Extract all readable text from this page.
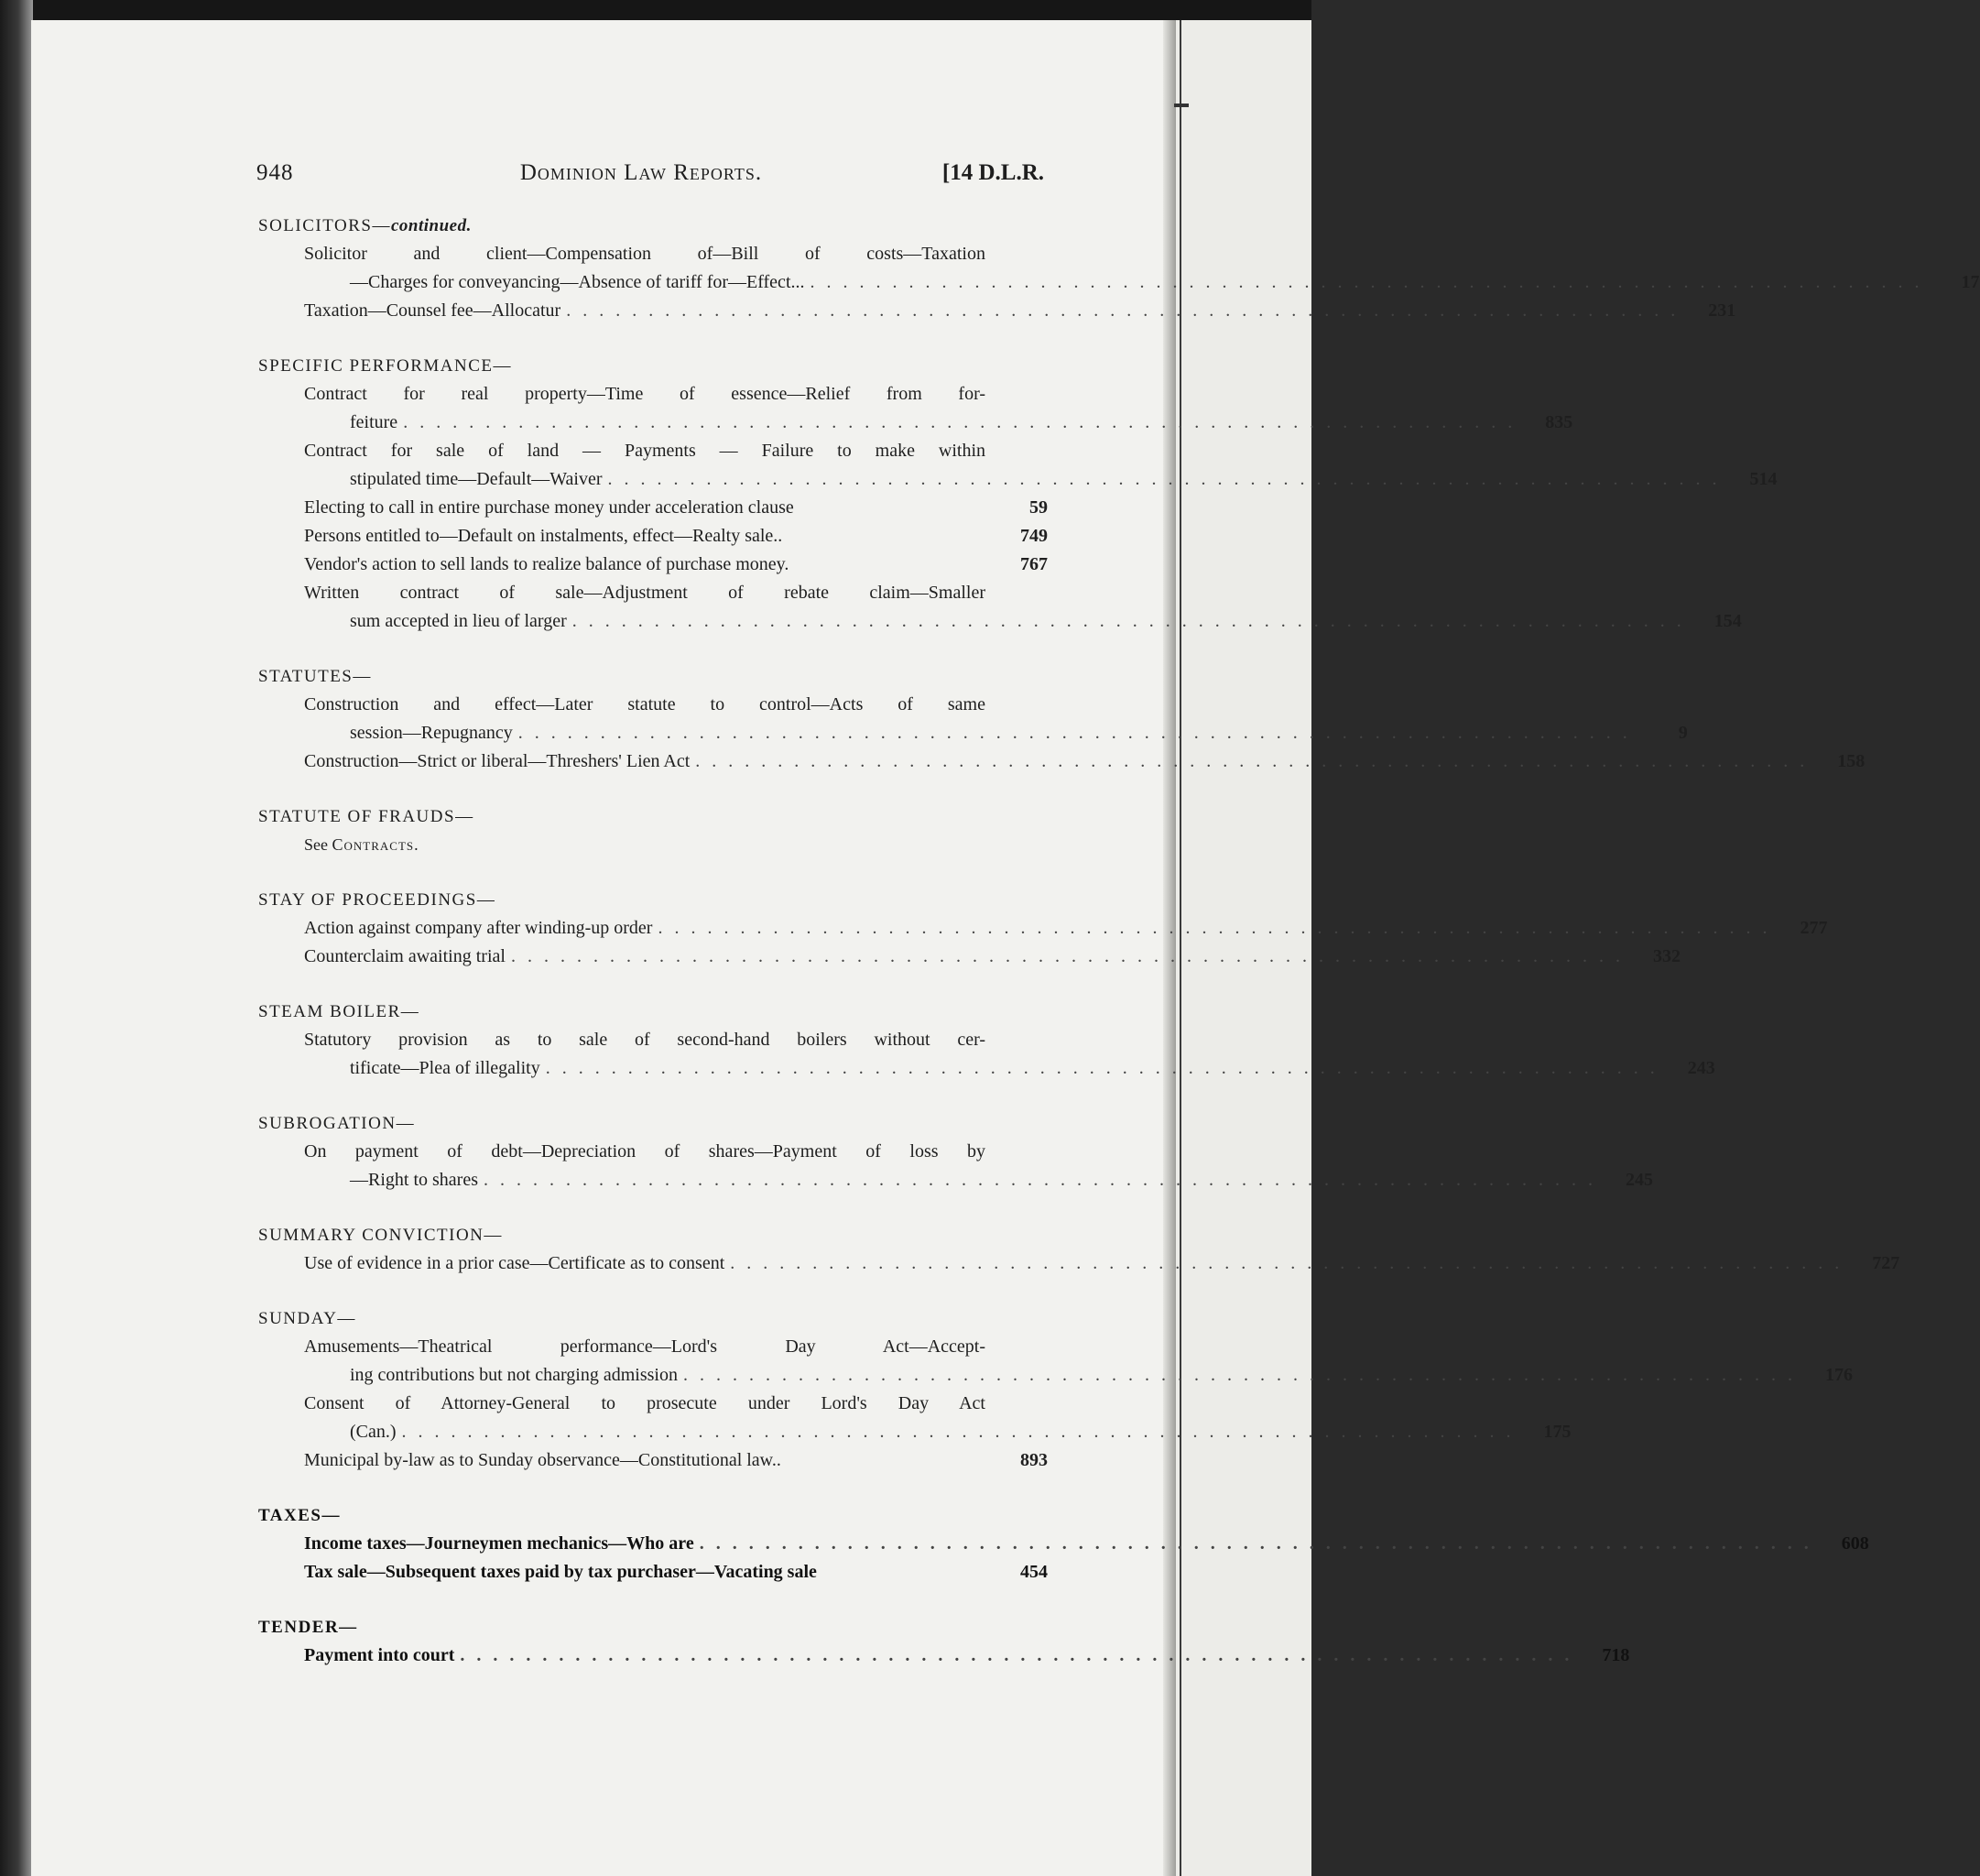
948	Dominion Law Reports.	[14 D.L.R.
SOLICITORS—continued.
Solicitor and client—Compensation of—Bill of costs—Taxation
—Charges for conveyancing—Absence of tariff for—Effect... . . . . . . . . . . . . . . . . . . . . . . . . . . . . . . . . . . . . . . . . . . . . . . . . . . . . . . . . . . . . . . . . . . . .	17
Taxation—Counsel fee—Allocatur . . . . . . . . . . . . . . . . . . . . . . . . . . . . . . . . . . . . . . . . . . . . . . . . . . . . . . . . . . . . . . . . . . . .	231
SPECIFIC PERFORMANCE—
Contract for real property—Time of essence—Relief from for-
feiture . . . . . . . . . . . . . . . . . . . . . . . . . . . . . . . . . . . . . . . . . . . . . . . . . . . . . . . . . . . . . . . . . . . .	835
Contract for sale of land — Payments — Failure to make within
stipulated time—Default—Waiver . . . . . . . . . . . . . . . . . . . . . . . . . . . . . . . . . . . . . . . . . . . . . . . . . . . . . . . . . . . . . . . . . . . .	514
Electing to call in entire purchase money under acceleration clause	59
Persons entitled to—Default on instalments, effect—Realty sale..	749
Vendor's action to sell lands to realize balance of purchase money.	767
Written contract of sale—Adjustment of rebate claim—Smaller
sum accepted in lieu of larger . . . . . . . . . . . . . . . . . . . . . . . . . . . . . . . . . . . . . . . . . . . . . . . . . . . . . . . . . . . . . . . . . . . .	154
STATUTES—
Construction and effect—Later statute to control—Acts of same
session—Repugnancy . . . . . . . . . . . . . . . . . . . . . . . . . . . . . . . . . . . . . . . . . . . . . . . . . . . . . . . . . . . . . . . . . . . .	9
Construction—Strict or liberal—Threshers' Lien Act . . . . . . . . . . . . . . . . . . . . . . . . . . . . . . . . . . . . . . . . . . . . . . . . . . . . . . . . . . . . . . . . . . . .	158
STATUTE OF FRAUDS—
See Contracts.
STAY OF PROCEEDINGS—
Action against company after winding-up order . . . . . . . . . . . . . . . . . . . . . . . . . . . . . . . . . . . . . . . . . . . . . . . . . . . . . . . . . . . . . . . . . . . .	277
Counterclaim awaiting trial . . . . . . . . . . . . . . . . . . . . . . . . . . . . . . . . . . . . . . . . . . . . . . . . . . . . . . . . . . . . . . . . . . . .	332
STEAM BOILER—
Statutory provision as to sale of second-hand boilers without cer-
tificate—Plea of illegality . . . . . . . . . . . . . . . . . . . . . . . . . . . . . . . . . . . . . . . . . . . . . . . . . . . . . . . . . . . . . . . . . . . .	243
SUBROGATION—
On payment of debt—Depreciation of shares—Payment of loss by
—Right to shares . . . . . . . . . . . . . . . . . . . . . . . . . . . . . . . . . . . . . . . . . . . . . . . . . . . . . . . . . . . . . . . . . . . .	245
SUMMARY CONVICTION—
Use of evidence in a prior case—Certificate as to consent . . . . . . . . . . . . . . . . . . . . . . . . . . . . . . . . . . . . . . . . . . . . . . . . . . . . . . . . . . . . . . . . . . . .	727
SUNDAY—
Amusements—Theatrical performance—Lord's Day Act—Accept-
ing contributions but not charging admission . . . . . . . . . . . . . . . . . . . . . . . . . . . . . . . . . . . . . . . . . . . . . . . . . . . . . . . . . . . . . . . . . . . .	176
Consent of Attorney-General to prosecute under Lord's Day Act
(Can.) . . . . . . . . . . . . . . . . . . . . . . . . . . . . . . . . . . . . . . . . . . . . . . . . . . . . . . . . . . . . . . . . . . . .	175
Municipal by-law as to Sunday observance—Constitutional law..	893
TAXES—
Income taxes—Journeymen mechanics—Who are . . . . . . . . . . . . . . . . . . . . . . . . . . . . . . . . . . . . . . . . . . . . . . . . . . . . . . . . . . . . . . . . . . . .	608
Tax sale—Subsequent taxes paid by tax purchaser—Vacating sale	454
TENDER—
Payment into court . . . . . . . . . . . . . . . . . . . . . . . . . . . . . . . . . . . . . . . . . . . . . . . . . . . . . . . . . . . . . . . . . . . .	718
